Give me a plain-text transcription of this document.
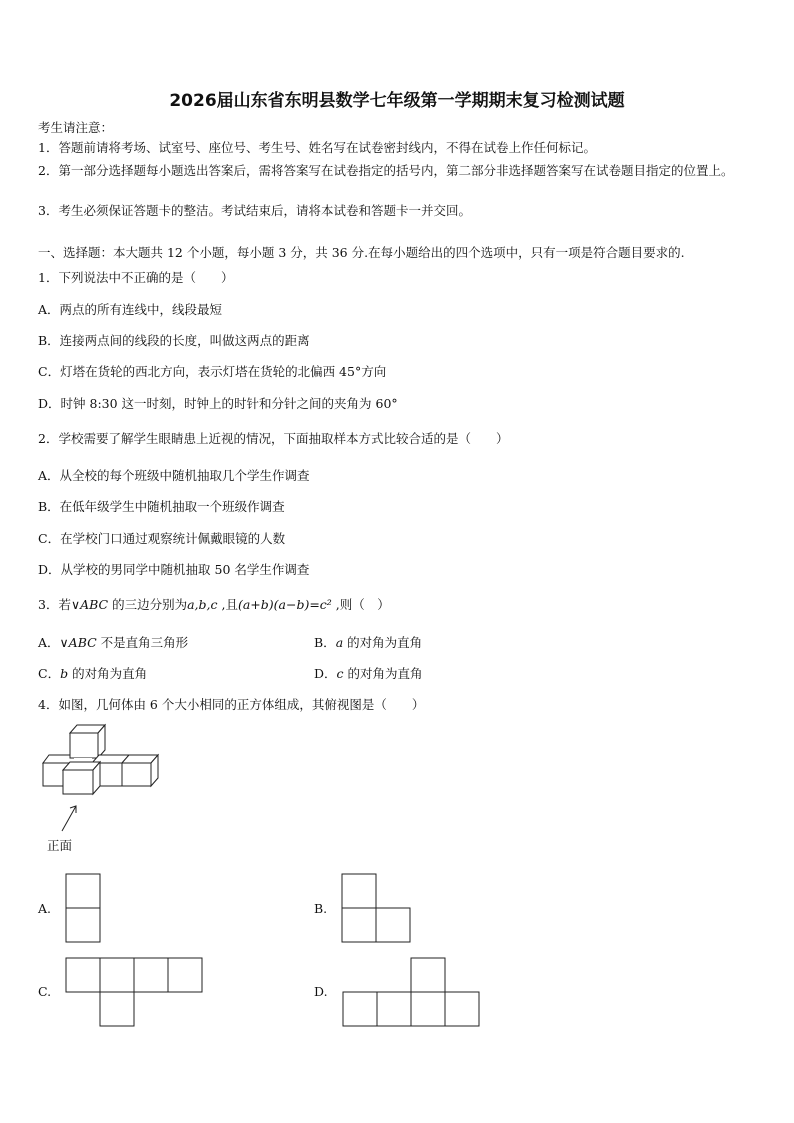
2026届山东省东明县数学七年级第一学期期末复习检测试题
考生请注意：
1．答题前请将考场、试室号、座位号、考生号、姓名写在试卷密封线内，不得在试卷上作任何标记。
2．第一部分选择题每小题选出答案后，需将答案写在试卷指定的括号内，第二部分非选择题答案写在试卷题目指定的位置上。
3．考生必须保证答题卡的整洁。考试结束后，请将本试卷和答题卡一并交回。
一、选择题：本大题共 12 个小题，每小题 3 分，共 36 分.在每小题给出的四个选项中，只有一项是符合题目要求的.
1．下列说法中不正确的是（　　）
A．两点的所有连线中，线段最短
B．连接两点间的线段的长度，叫做这两点的距离
C．灯塔在货轮的西北方向，表示灯塔在货轮的北偏西 45°方向
D．时钟 8:30 这一时刻，时钟上的时针和分针之间的夹角为 60°
2．学校需要了解学生眼睛患上近视的情况，下面抽取样本方式比较合适的是（　　）
A．从全校的每个班级中随机抽取几个学生作调查
B．在低年级学生中随机抽取一个班级作调查
C．在学校门口通过观察统计佩戴眼镜的人数
D．从学校的男同学中随机抽取 50 名学生作调查
3．若∨ABC 的三边分别为a,b,c ,且(a+b)(a−b)=c² ,则（　）
A．∨ABC 不是直角三角形	B．a 的对角为直角
C．b 的对角为直角	D．c 的对角为直角
4．如图，几何体由 6 个大小相同的正方体组成，其俯视图是（　　）
正面
A.	B.
C.	D.
